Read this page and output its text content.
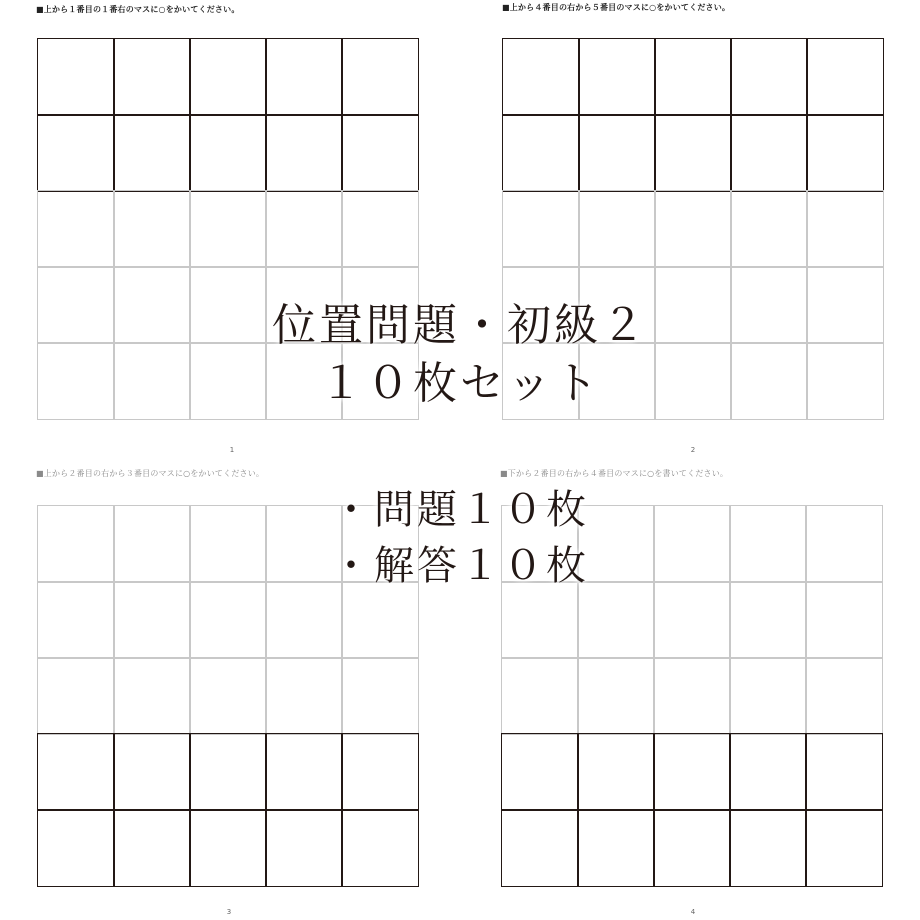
■上から１番目の１番右のマスに○をかいてください。
1
■上から４番目の右から５番目のマスに○をかいてください。
2
■上から２番目の右から３番目のマスに○をかいてください。
3
■下から２番目の右から４番目のマスに○を書いてください。
4
位置問題・初級２
１０枚セット
・問題１０枚
・解答１０枚
